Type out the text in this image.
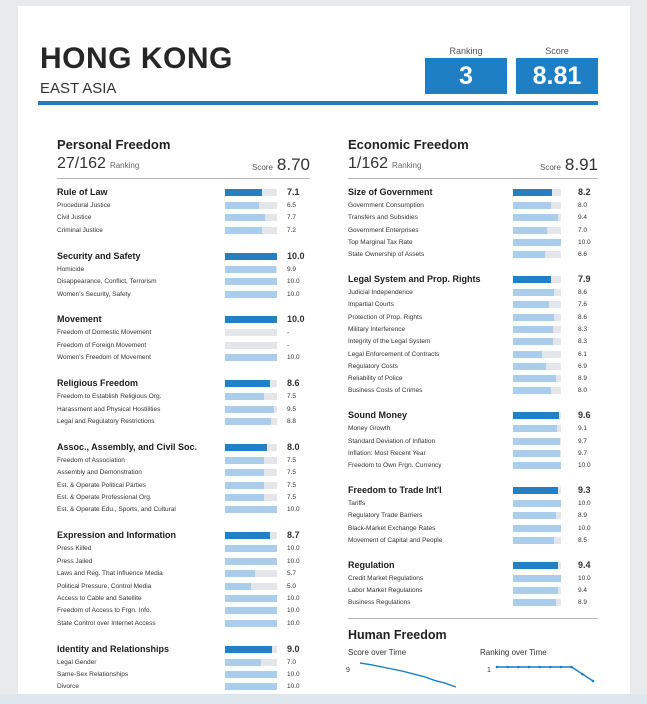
HONG KONG
EAST ASIA
Ranking
3
Score
8.81
Personal Freedom
27/162 Ranking	Score 8.70
Rule of Law	7.1
Procedural Justice	6.5
Civil Justice	7.7
Criminal Justice	7.2
Security and Safety	10.0
Homicide	9.9
Disappearance, Conflict, Terrorism	10.0
Women's Security, Safety	10.0
Movement	10.0
Freedom of Domestic Movement	-
Freedom of Foreign Movement	-
Women's Freedom of Movement	10.0
Religious Freedom	8.6
Freedom to Establish Religious Org.	7.5
Harassment and Physical Hostilities	9.5
Legal and Regulatory Restrictions	8.8
Assoc., Assembly, and Civil Soc.	8.0
Freedom of Association	7.5
Assembly and Demonstration	7.5
Est. & Operate Political Parties	7.5
Est. & Operate Professional Org.	7.5
Est. & Operate Edu., Sports, and Cultural	10.0
Expression and Information	8.7
Press Killed	10.0
Press Jailed	10.0
Laws and Reg. That Influence Media	5.7
Political Pressure, Control Media	5.0
Access to Cable and Satellite	10.0
Freedom of Access to Frgn. Info.	10.0
State Control over Internet Access	10.0
Identity and Relationships	9.0
Legal Gender	7.0
Same-Sex Relationships	10.0
Divorce	10.0
Economic Freedom
1/162 Ranking	Score 8.91
Size of Government	8.2
Government Consumption	8.0
Transfers and Subsidies	9.4
Government Enterprises	7.0
Top Marginal Tax Rate	10.0
State Ownership of Assets	6.6
Legal System and Prop. Rights	7.9
Judicial Independence	8.6
Impartial Courts	7.6
Protection of Prop. Rights	8.6
Military Interference	8.3
Integrity of the Legal System	8.3
Legal Enforcement of Contracts	6.1
Regulatory Costs	6.9
Reliability of Police	8.9
Business Costs of Crimes	8.0
Sound Money	9.6
Money Growth	9.1
Standard Deviation of Inflation	9.7
Inflation: Most Recent Year	9.7
Freedom to Own Frgn. Currency	10.0
Freedom to Trade Int'l	9.3
Tariffs	10.0
Regulatory Trade Barriers	8.9
Black-Market Exchange Rates	10.0
Movement of Capital and People	8.5
Regulation	9.4
Credit Market Regulations	10.0
Labor Market Regulations	9.4
Business Regulations	8.9
Human Freedom
Score over Time	Ranking over Time
9	1
